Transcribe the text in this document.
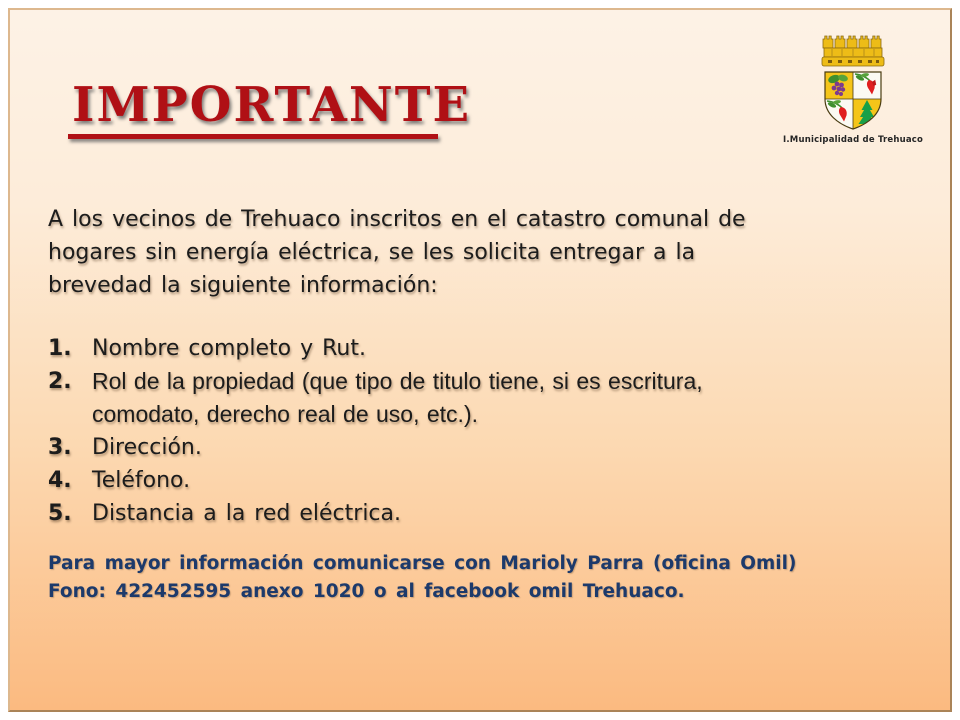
IMPORTANTE
I.Municipalidad de Trehuaco
A los vecinos de Trehuaco inscritos en el catastro comunal de
hogares sin energía eléctrica, se les solicita entregar a la
brevedad la siguiente información:
1. Nombre completo y Rut.
2. Rol de la propiedad (que tipo de titulo tiene, si es escritura,
comodato, derecho real de uso, etc.).
3. Dirección.
4. Teléfono.
5. Distancia a la red eléctrica.
Para mayor información comunicarse con Marioly Parra (oficina Omil)
Fono: 422452595 anexo 1020 o al facebook omil Trehuaco.
